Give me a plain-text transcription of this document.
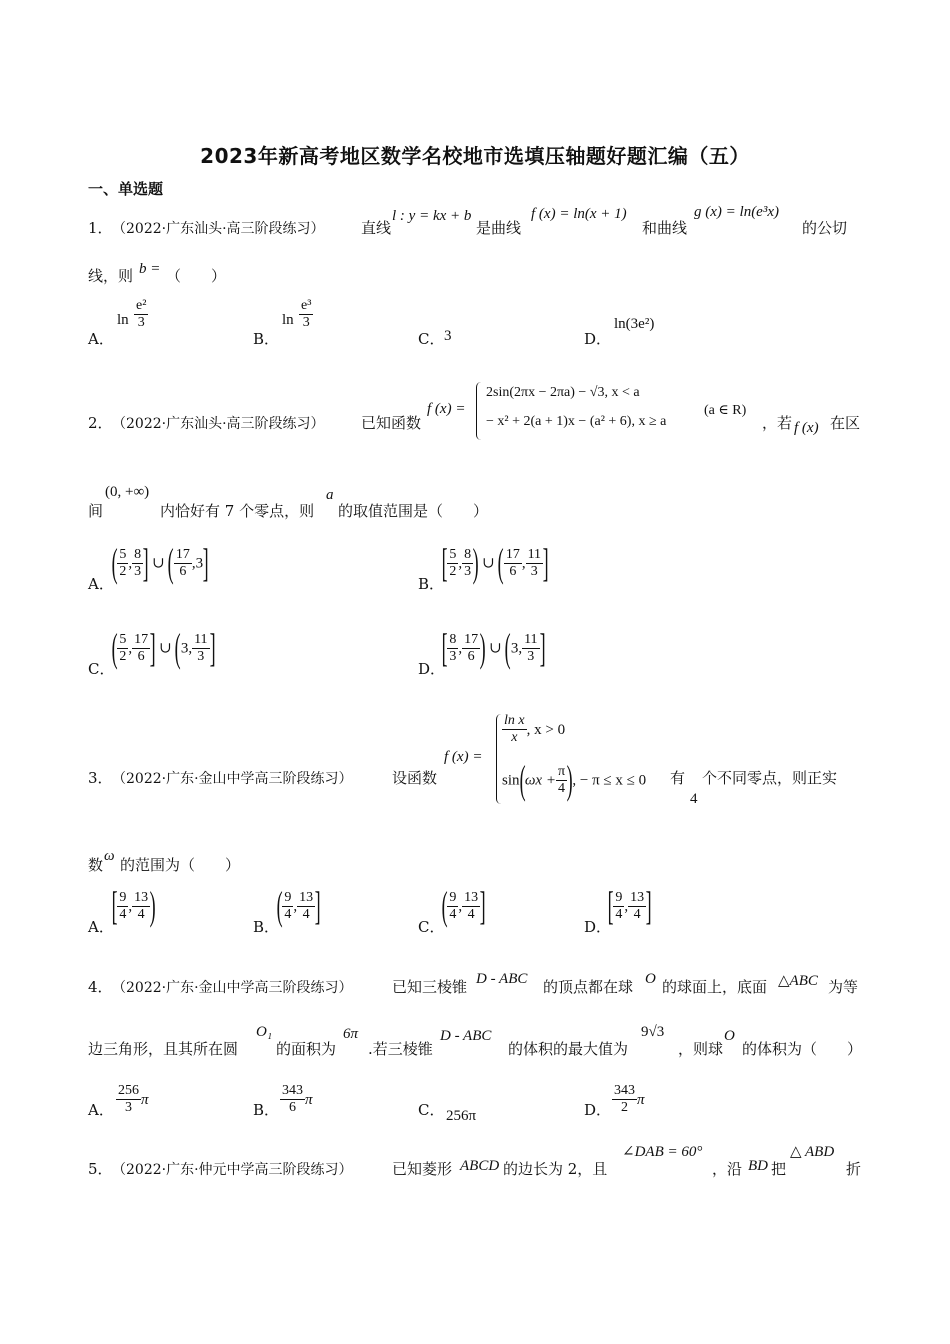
2023年新高考地区数学名校地市选填压轴题好题汇编（五）
一、单选题
1． （2022·广东汕头·高三阶段练习） 直线
l : y = kx + b
是曲线
f (x) = ln(x + 1)
和曲线
g (x) = ln(e³x)
的公切
线，则 b = （　　）
A．
$\ln \frac{\text{e²}}{3}$
B．
$\ln \frac{\text{e³}}{3}$
C． 3	D．
ln(3e²)
2． （2022·广东汕头·高三阶段练习） 已知函数
f (x) =
2sin(2πx − 2πa) − √3, x < a
− x² + 2(a + 1)x − (a² + 6), x ≥ a
(a ∈ R)
，若 f (x) 在区
间
(0, +∞)
内恰好有 7 个零点，则
a
的取值范围是（　　）
A．
( $\frac{5}{2}$ , $\frac{8}{3}$ ] ∪ ( $\frac{17}{6} ,3$]	B．
[ $\frac{5}{2}$ , $\frac{8}{3}$ ) ∪ ( $\frac{17}{6}$ , $\frac{11}{3}$ ]
C．
( $\frac{5}{2}$ , $\frac{17}{6}$ ] ∪ (3, $\frac{11}{3}$ ]	D．
[ $\frac{8}{3}$ , $\frac{17}{6}$ ) ∪ (3, $\frac{11}{3}$ ]
3． （2022·广东·金山中学高三阶段练习）	设函数
f (x) =
$\frac{\text{ln x}}{x}$ , x > 0
$\sin(\omega x + \frac{\pi}{4}$ ), − π ≤ x ≤ 0 有
4
个不同零点，则正实
数 ω 的范围为（　　）
A．
[ $\frac{9}{4}$ , $\frac{13}{4}$ )	B．
( $\frac{9}{4}$ , $\frac{13}{4}$ ]	C．
( $\frac{9}{4}$ , $\frac{13}{4}$ ]	D．
[ $\frac{9}{4}$ , $\frac{13}{4}$ ]
4． （2022·广东·金山中学高三阶段练习）	已知三棱锥 D - ABC 的顶点都在球 O 的球面上，底面 △ABC 为等
边三角形，且其所在圆
O₁
的面积为
6π
.若三棱锥
D - ABC
的体积的最大值为
9√3
，则球
O
的体积为（　　）
A． $\frac{256}{3}$ π
B． $\frac{343}{6}$ π
C． 256π	D． $\frac{343}{2}$ π
5． （2022·广东·仲元中学高三阶段练习）	已知菱形 ABCD 的边长为 2，且
∠DAB = 60°
，沿 BD 把
△ ABD
折
